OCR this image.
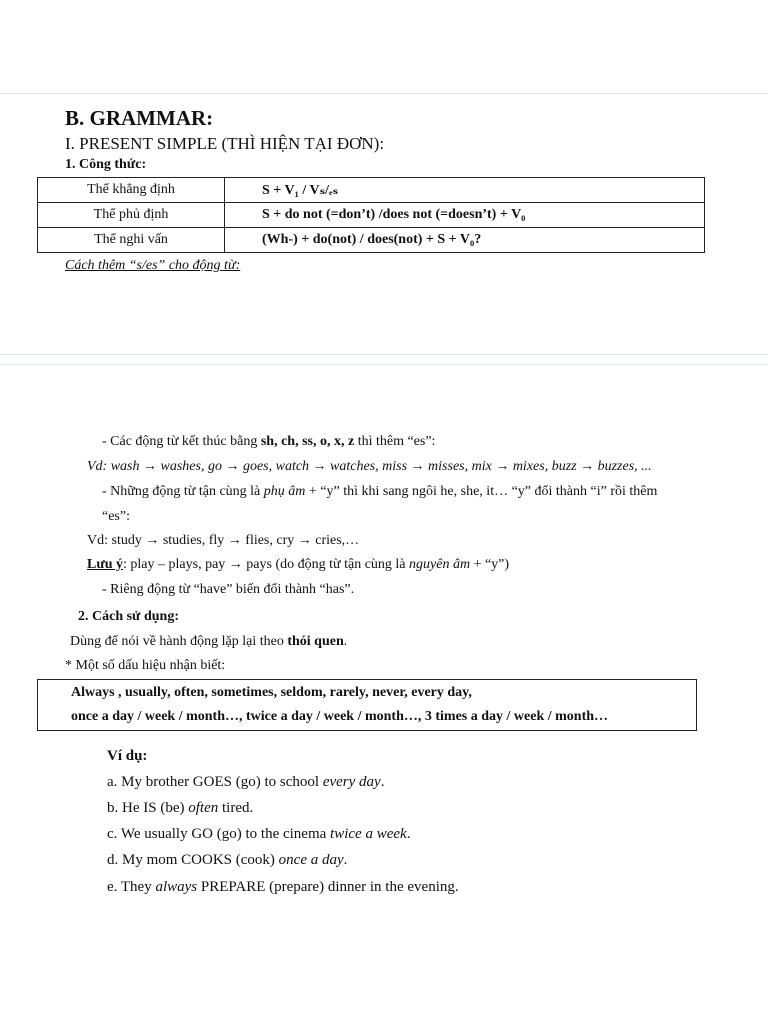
B. GRAMMAR:
I. PRESENT SIMPLE (THÌ HIỆN TẠI ĐƠN):
1. Công thức:
Thể khẳng định	S + V₁ / Vₛ/ₑₛ
Thể phủ định	S + do not (=don’t) /does not (=doesn’t) + V₀
Thể nghi vấn	(Wh-) + do(not) / does(not) + S + V₀?
Cách thêm “s/es” cho động từ:
- Các động từ kết thúc bằng sh, ch, ss, o, x, z thì thêm “es”:
Vd: wash → washes, go → goes, watch → watches, miss → misses, mix → mixes, buzz → buzzes, ...
- Những động từ tận cùng là phụ âm + “y” thì khi sang ngôi he, she, it… “y” đổi thành “i” rồi thêm
“es”:
Vd: study → studies, fly → flies, cry → cries,…
Lưu ý: play – plays, pay → pays (do động từ tận cùng là nguyên âm + “y”)
- Riêng động từ “have” biến đổi thành “has”.
2. Cách sử dụng:
Dùng để nói về hành động lặp lại theo thói quen.
* Một số dấu hiệu nhận biết:
Always , usually, often, sometimes, seldom, rarely, never, every day,
once a day / week / month…, twice a day / week / month…, 3 times a day / week / month…
Ví dụ:
a. My brother GOES (go) to school every day.
b. He IS (be) often tired.
c. We usually GO (go) to the cinema twice a week.
d. My mom COOKS (cook) once a day.
e. They always PREPARE (prepare) dinner in the evening.
